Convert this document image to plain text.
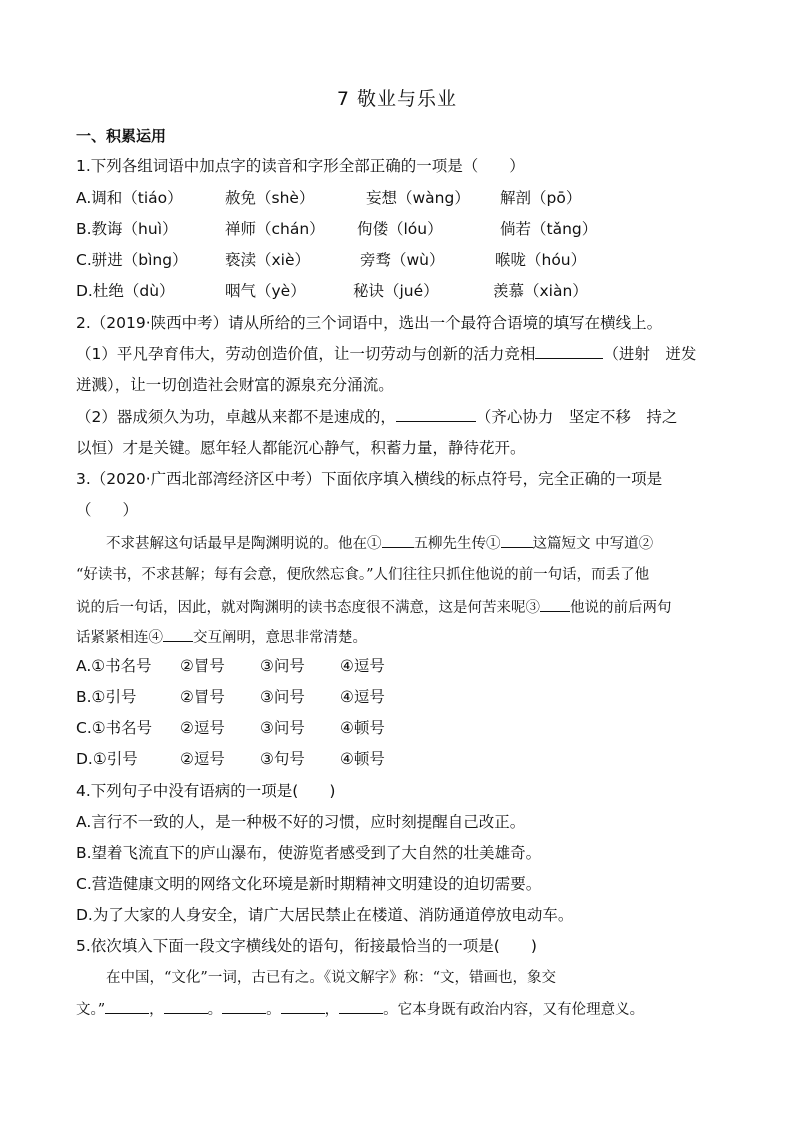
7 敬业与乐业
一、积累运用
1.下列各组词语中加点字的读音和字形全部正确的一项是（　　）
A.调和（tiáo）	赦免（shè）	妄想（wàng） 解剖（pō）
B.教诲（huì）	禅师（chán） 佝偻（lóu）	倘若（tǎng）
C.骈进（bìng） 亵渎（xiè）	旁骛（wù）	喉咙（hóu）
D.杜绝（dù）	咽气（yè）	秘诀（jué）	羡慕（xiàn）
2.（2019·陕西中考）请从所给的三个词语中，选出一个最符合语境的填写在横线上。
（1）平凡孕育伟大，劳动创造价值，让一切劳动与创新的活力竞相	（进射　迸发
迸溅），让一切创造社会财富的源泉充分涌流。
（2）器成须久为功，卓越从来都不是速成的，	（齐心协力　坚定不移　持之
以恒）才是关键。愿年轻人都能沉心静气，积蓄力量，静待花开。
3.（2020·广西北部湾经济区中考）下面依序填入横线的标点符号，完全正确的一项是
（　　）
不求甚解这句话最早是陶渊明说的。他在① 五柳先生传① 这篇短文 中写道②
“好读书，不求甚解；每有会意，便欣然忘食。”人们往往只抓住他说的前一句话，而丢了他
说的后一句话，因此，就对陶渊明的读书态度很不满意，这是何苦来呢③ 他说的前后两句
话紧紧相连④ 交互阐明，意思非常清楚。
A.①书名号 ②冒号 ③问号 ④逗号
B.①引号	②冒号 ③问号 ④逗号
C.①书名号 ②逗号 ③问号 ④顿号
D.①引号	②逗号 ③句号 ④顿号
4.下列句子中没有语病的一项是(　　)
A.言行不一致的人，是一种极不好的习惯，应时刻提醒自己改正。
B.望着飞流直下的庐山瀑布，使游览者感受到了大自然的壮美雄奇。
C.营造健康文明的网络文化环境是新时期精神文明建设的迫切需要。
D.为了大家的人身安全，请广大居民禁止在楼道、消防通道停放电动车。
5.依次填入下面一段文字横线处的语句，衔接最恰当的一项是(　　)
在中国，“文化”一词，古已有之。《说文解字》称：“文，错画也，象交
文。”	，	。	。	，	。它本身既有政治内容，又有伦理意义。
